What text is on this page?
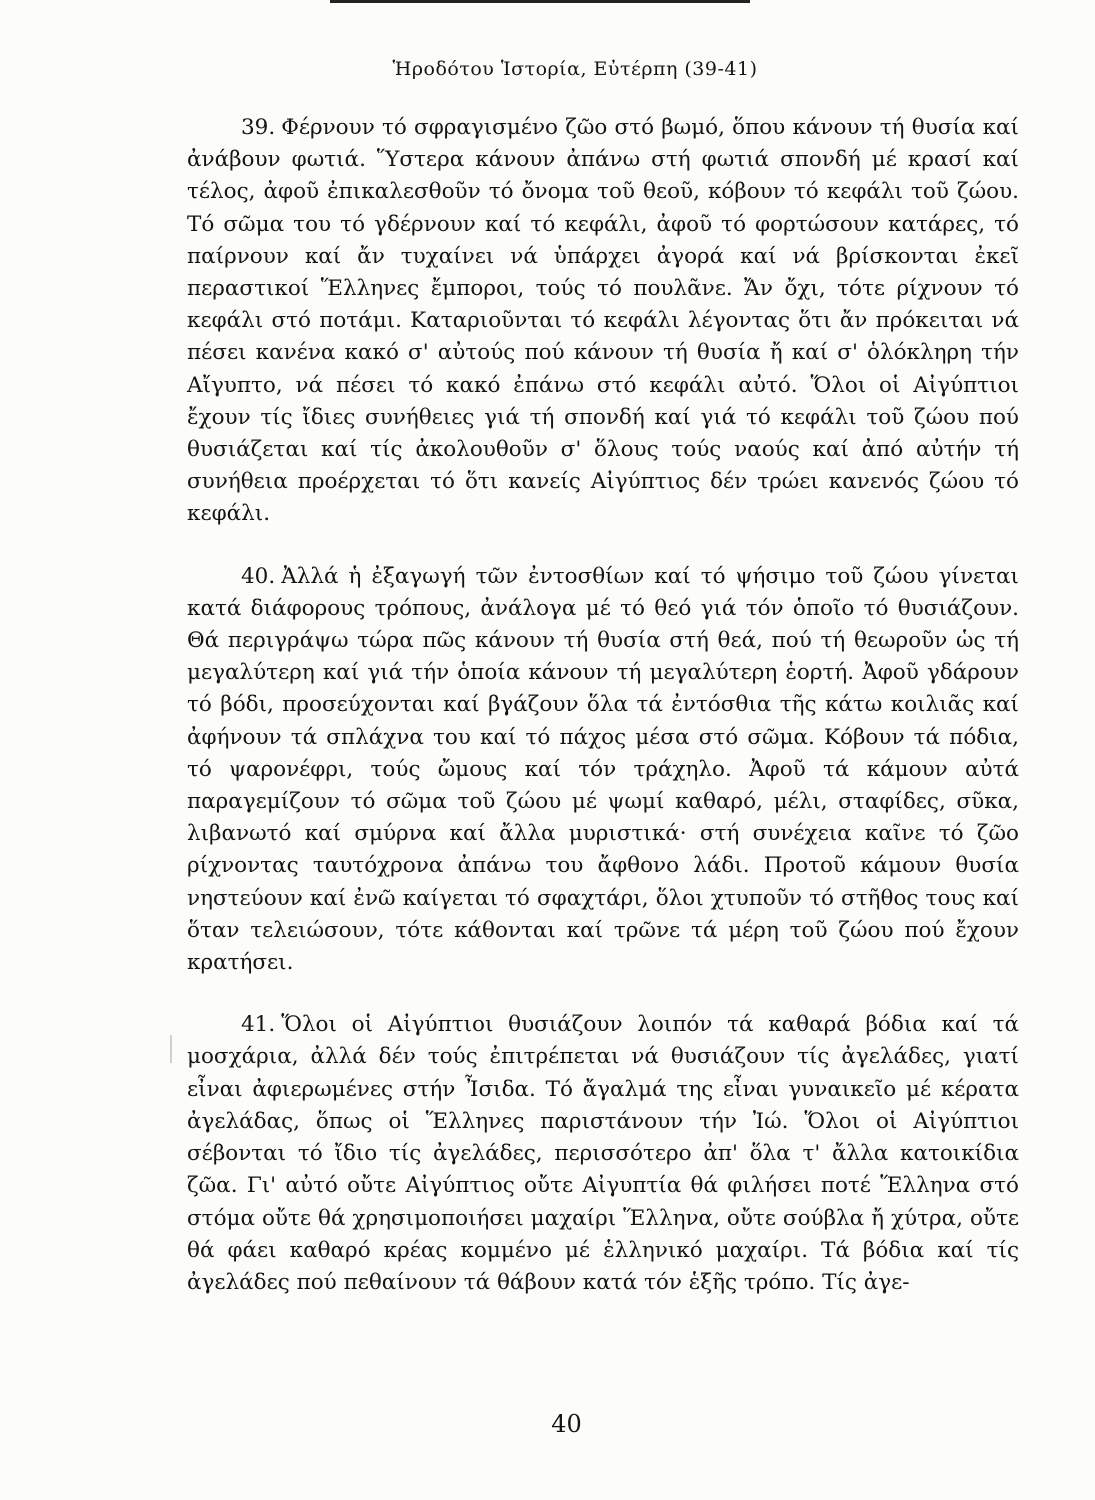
Ἡροδότου Ἱστορία, Εὐτέρπη (39-41)

39. Φέρνουν τό σφραγισμένο ζῶο στό βωμό, ὅπου κάνουν τή θυσία καί ἀνάβουν φωτιά. Ὕστερα κάνουν ἀπάνω στή φωτιά σπονδή μέ κρασί καί τέλος, ἀφοῦ ἐπικαλεσθοῦν τό ὄνομα τοῦ θεοῦ, κόβουν τό κεφάλι τοῦ ζώου. Τό σῶμα του τό γδέρνουν καί τό κεφάλι, ἀφοῦ τό φορτώσουν κατάρες, τό παίρνουν καί ἄν τυχαίνει νά ὑπάρχει ἀγορά καί νά βρίσκονται ἐκεῖ περαστικοί Ἕλληνες ἔμποροι, τούς τό πουλᾶνε. Ἄν ὄχι, τότε ρίχνουν τό κεφάλι στό ποτάμι. Καταριοῦνται τό κεφάλι λέγοντας ὅτι ἄν πρόκειται νά πέσει κανένα κακό σ' αὐτούς πού κάνουν τή θυσία ἤ καί σ' ὁλόκληρη τήν Αἴγυπτο, νά πέσει τό κακό ἐπάνω στό κεφάλι αὐτό. Ὅλοι οἱ Αἰγύπτιοι ἔχουν τίς ἴδιες συνήθειες γιά τή σπονδή καί γιά τό κεφάλι τοῦ ζώου πού θυσιάζεται καί τίς ἀκολουθοῦν σ' ὅλους τούς ναούς καί ἀπό αὐτήν τή συνήθεια προέρχεται τό ὅτι κανείς Αἰγύπτιος δέν τρώει κανενός ζώου τό κεφάλι.

40. Ἀλλά ἡ ἐξαγωγή τῶν ἐντοσθίων καί τό ψήσιμο τοῦ ζώου γίνεται κατά διάφορους τρόπους, ἀνάλογα μέ τό θεό γιά τόν ὁποῖο τό θυσιάζουν. Θά περιγράψω τώρα πῶς κάνουν τή θυσία στή θεά, πού τή θεωροῦν ὡς τή μεγαλύτερη καί γιά τήν ὁποία κάνουν τή μεγαλύτερη ἑορτή. Ἀφοῦ γδάρουν τό βόδι, προσεύχονται καί βγάζουν ὅλα τά ἐντόσθια τῆς κάτω κοιλιᾶς καί ἀφήνουν τά σπλάχνα του καί τό πάχος μέσα στό σῶμα. Κόβουν τά πόδια, τό ψαρονέφρι, τούς ὤμους καί τόν τράχηλο. Ἀφοῦ τά κάμουν αὐτά παραγεμίζουν τό σῶμα τοῦ ζώου μέ ψωμί καθαρό, μέλι, σταφίδες, σῦκα, λιβανωτό καί σμύρνα καί ἄλλα μυριστικά· στή συνέχεια καῖνε τό ζῶο ρίχνοντας ταυτόχρονα ἀπάνω του ἄφθονο λάδι. Προτοῦ κάμουν θυσία νηστεύουν καί ἐνῶ καίγεται τό σφαχτάρι, ὅλοι χτυποῦν τό στῆθος τους καί ὅταν τελειώσουν, τότε κάθονται καί τρῶνε τά μέρη τοῦ ζώου πού ἔχουν κρατήσει.

41. Ὅλοι οἱ Αἰγύπτιοι θυσιάζουν λοιπόν τά καθαρά βόδια καί τά μοσχάρια, ἀλλά δέν τούς ἐπιτρέπεται νά θυσιάζουν τίς ἀγελάδες, γιατί εἶναι ἀφιερωμένες στήν Ἶσιδα. Τό ἄγαλμά της εἶναι γυναικεῖο μέ κέρατα ἀγελάδας, ὅπως οἱ Ἕλληνες παριστάνουν τήν Ἰώ. Ὅλοι οἱ Αἰγύπτιοι σέβονται τό ἴδιο τίς ἀγελάδες, περισσότερο ἀπ' ὅλα τ' ἄλλα κατοικίδια ζῶα. Γι' αὐτό οὔτε Αἰγύπτιος οὔτε Αἰγυπτία θά φιλήσει ποτέ Ἕλληνα στό στόμα οὔτε θά χρησιμοποιήσει μαχαίρι Ἕλληνα, οὔτε σούβλα ἤ χύτρα, οὔτε θά φάει καθαρό κρέας κομμένο μέ ἑλληνικό μαχαίρι. Τά βόδια καί τίς ἀγελάδες πού πεθαίνουν τά θάβουν κατά τόν ἑξῆς τρόπο. Τίς ἀγε-

40
